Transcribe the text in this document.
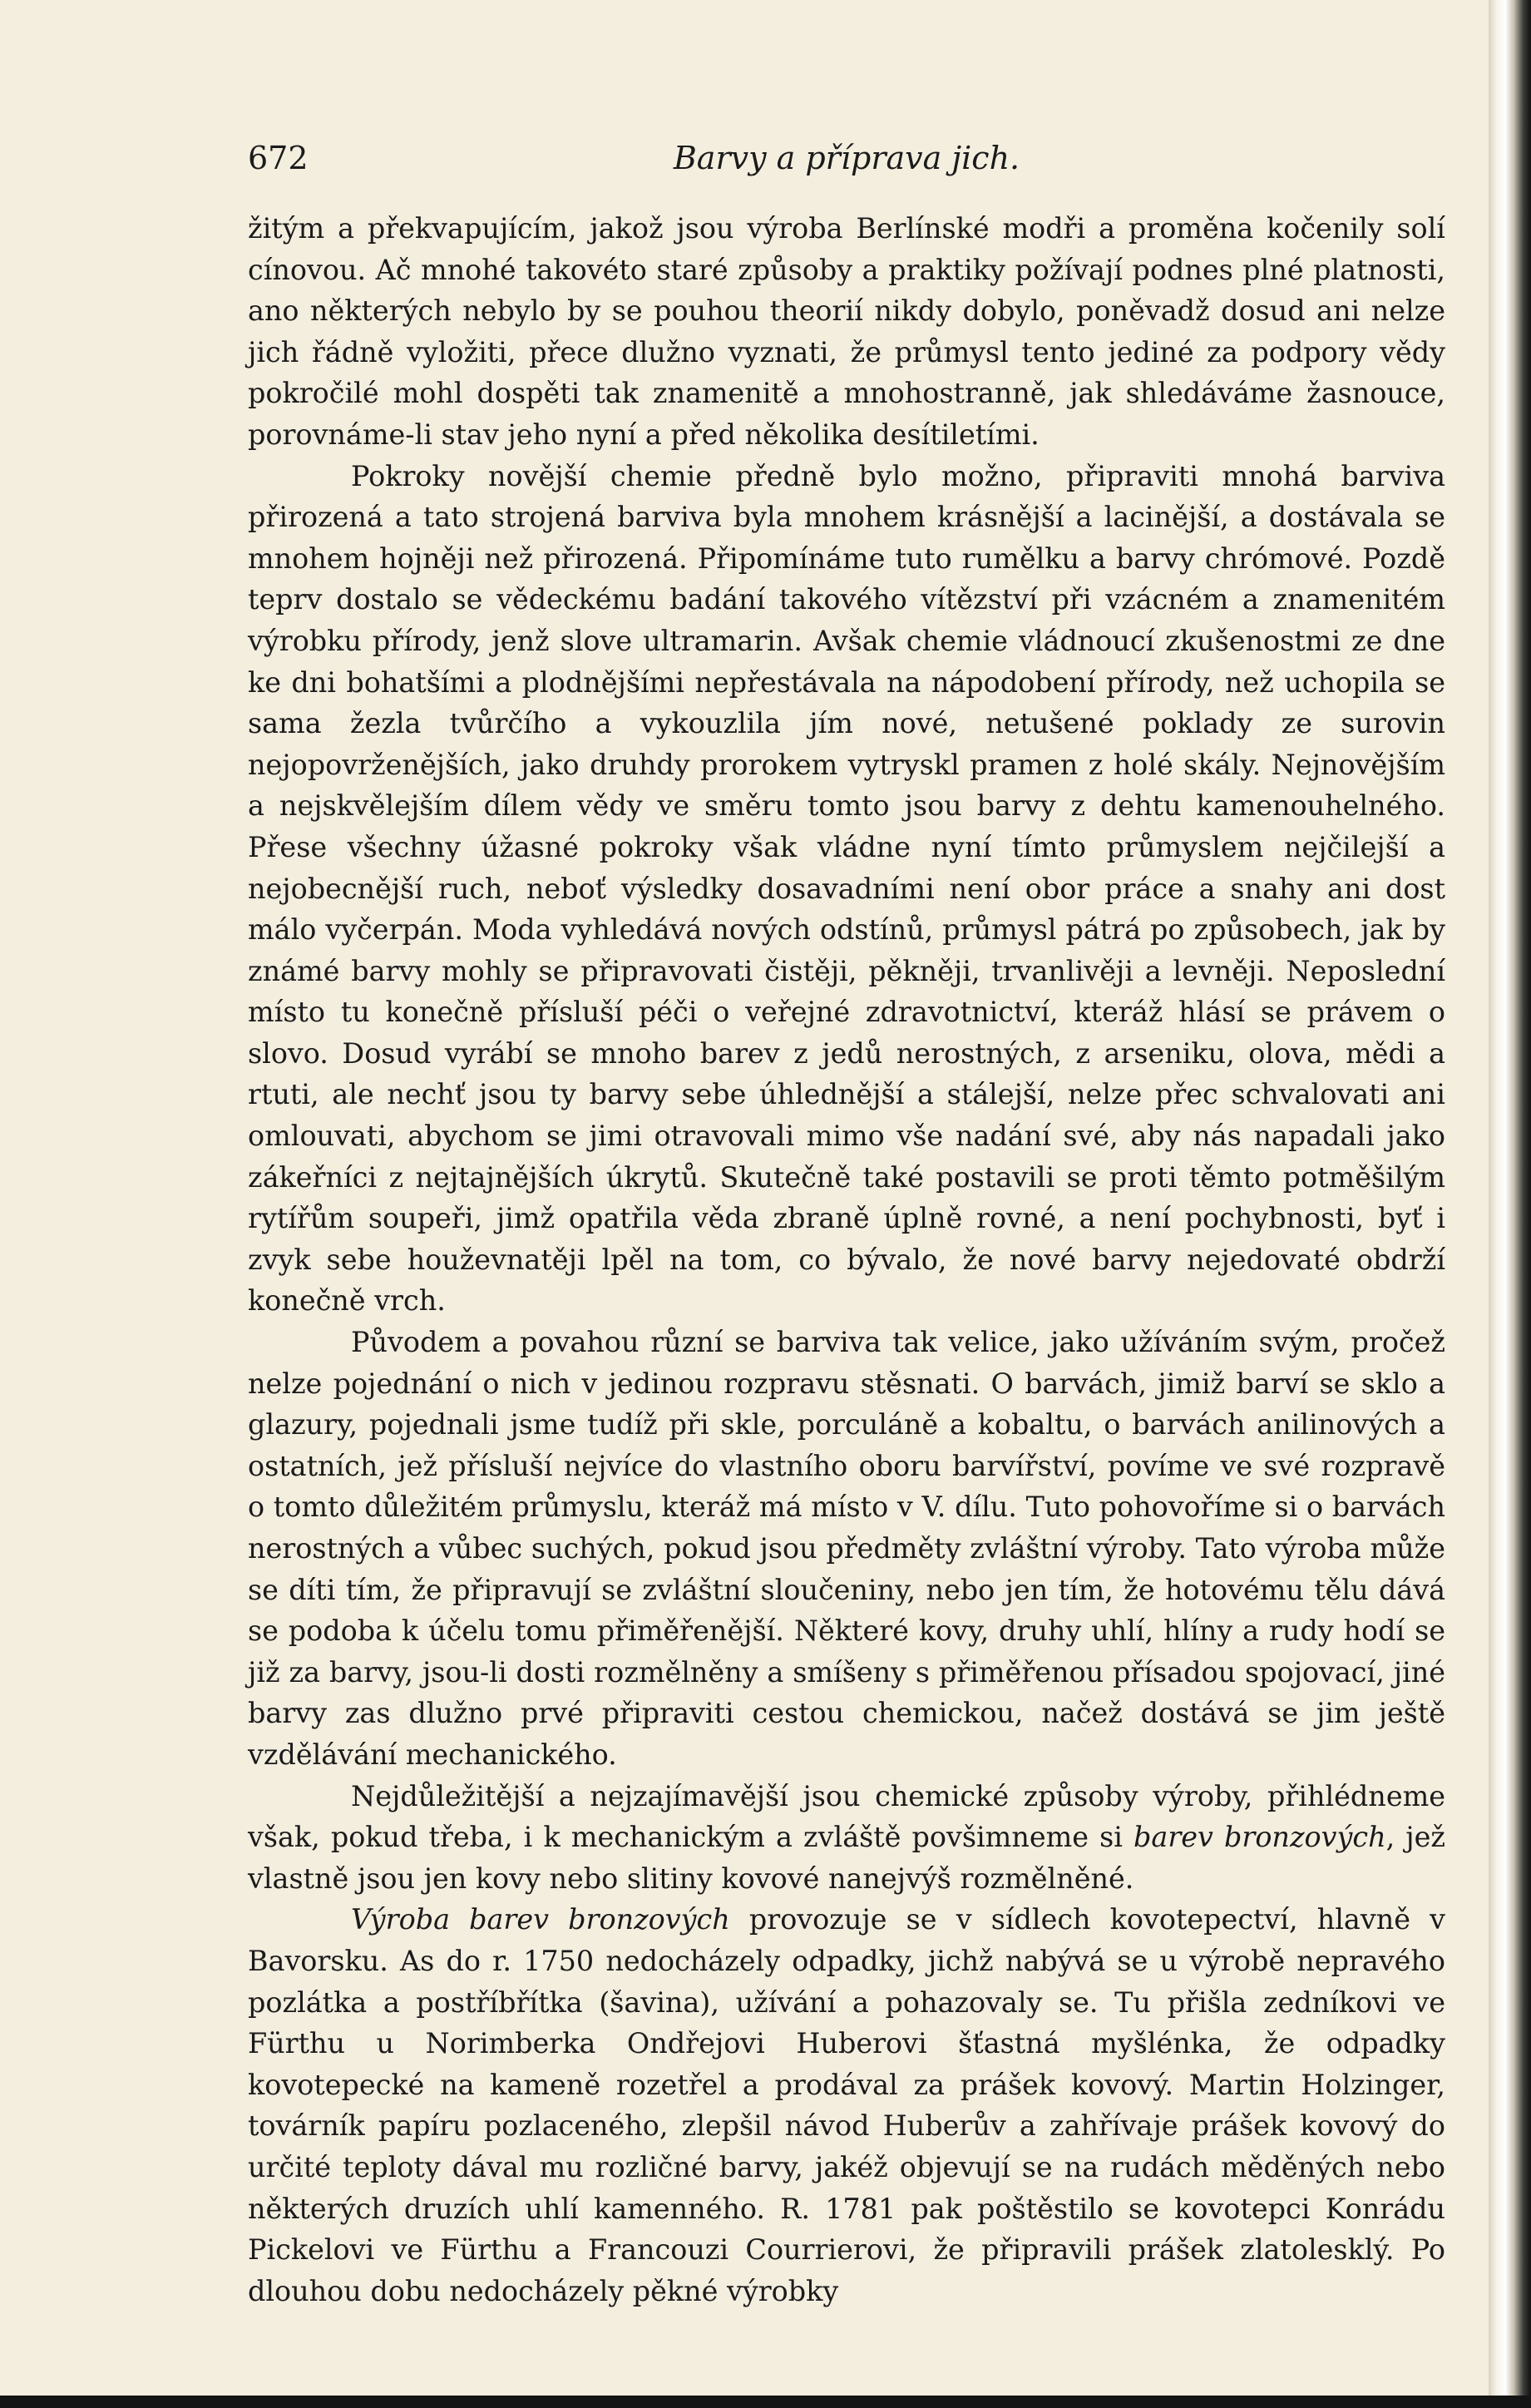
672	Barvy a příprava jich.

žitým a překvapujícím, jakož jsou výroba Berlínské modři a proměna kočenily solí cínovou. Ač mnohé takovéto staré způsoby a praktiky požívají podnes plné platnosti, ano některých nebylo by se pouhou theorií nikdy dobylo, poněvadž dosud ani nelze jich řádně vyložiti, přece dlužno vyznati, že průmysl tento jediné za podpory vědy pokročilé mohl dospěti tak znamenitě a mnohostranně, jak shledáváme žasnouce, porovnáme-li stav jeho nyní a před několika desítiletími.

Pokroky novější chemie předně bylo možno, připraviti mnohá barviva přirozená a tato strojená barviva byla mnohem krásnější a lacinější, a dostávala se mnohem hojněji než přirozená. Připomínáme tuto rumělku a barvy chrómové. Pozdě teprv dostalo se vědeckému badání takového vítězství při vzácném a znamenitém výrobku přírody, jenž slove ultramarin. Avšak chemie vládnoucí zkušenostmi ze dne ke dni bohatšími a plodnějšími nepřestávala na nápodobení přírody, než uchopila se sama žezla tvůrčího a vykouzlila jím nové, netušené poklady ze surovin nejopovrženějších, jako druhdy prorokem vytryskl pramen z holé skály. Nejnovějším a nejskvělejším dílem vědy ve směru tomto jsou barvy z dehtu kamenouhelného. Přese všechny úžasné pokroky však vládne nyní tímto průmyslem nejčilejší a nejobecnější ruch, neboť výsledky dosavadními není obor práce a snahy ani dost málo vyčerpán. Moda vyhledává nových odstínů, průmysl pátrá po způsobech, jak by známé barvy mohly se připravovati čistěji, pěkněji, trvanlivěji a levněji. Neposlední místo tu konečně přísluší péči o veřejné zdravotnictví, kteráž hlásí se právem o slovo. Dosud vyrábí se mnoho barev z jedů nerostných, z arseniku, olova, mědi a rtuti, ale nechť jsou ty barvy sebe úhlednější a stálejší, nelze přec schvalovati ani omlouvati, abychom se jimi otravovali mimo vše nadání své, aby nás napadali jako zákeřníci z nejtajnějších úkrytů. Skutečně také postavili se proti těmto potměšilým rytířům soupeři, jimž opatřila věda zbraně úplně rovné, a není pochybnosti, byť i zvyk sebe houževnatěji lpěl na tom, co bývalo, že nové barvy nejedovaté obdrží konečně vrch.

Původem a povahou různí se barviva tak velice, jako užíváním svým, pročež nelze pojednání o nich v jedinou rozpravu stěsnati. O barvách, jimiž barví se sklo a glazury, pojednali jsme tudíž při skle, porculáně a kobaltu, o barvách anilinových a ostatních, jež přísluší nejvíce do vlastního oboru barvířství, povíme ve své rozpravě o tomto důležitém průmyslu, kteráž má místo v V. dílu. Tuto pohovoříme si o barvách nerostných a vůbec suchých, pokud jsou předměty zvláštní výroby. Tato výroba může se díti tím, že připravují se zvláštní sloučeniny, nebo jen tím, že hotovému tělu dává se podoba k účelu tomu přiměřenější. Některé kovy, druhy uhlí, hlíny a rudy hodí se již za barvy, jsou-li dosti rozmělněny a smíšeny s přiměřenou přísadou spojovací, jiné barvy zas dlužno prvé připraviti cestou chemickou, načež dostává se jim ještě vzdělávání mechanického.

Nejdůležitější a nejzajímavější jsou chemické způsoby výroby, přihlédneme však, pokud třeba, i k mechanickým a zvláště povšimneme si barev bronzových, jež vlastně jsou jen kovy nebo slitiny kovové nanejvýš rozmělněné.

Výroba barev bronzových provozuje se v sídlech kovotepectví, hlavně v Bavorsku. As do r. 1750 nedocházely odpadky, jichž nabývá se u výrobě nepravého pozlátka a postříbřítka (šavina), užívání a pohazovaly se. Tu přišla zedníkovi ve Fürthu u Norimberka Ondřejovi Huberovi šťastná myšlénka, že odpadky kovotepecké na kameně rozetřel a prodával za prášek kovový. Martin Holzinger, továrník papíru pozlaceného, zlepšil návod Huberův a zahřívaje prášek kovový do určité teploty dával mu rozličné barvy, jakéž objevují se na rudách měděných nebo některých druzích uhlí kamenného. R. 1781 pak poštěstilo se kovotepci Konrádu Pickelovi ve Fürthu a Francouzi Courrierovi, že připravili prášek zlatolesklý. Po dlouhou dobu nedocházely pěkné výrobky
